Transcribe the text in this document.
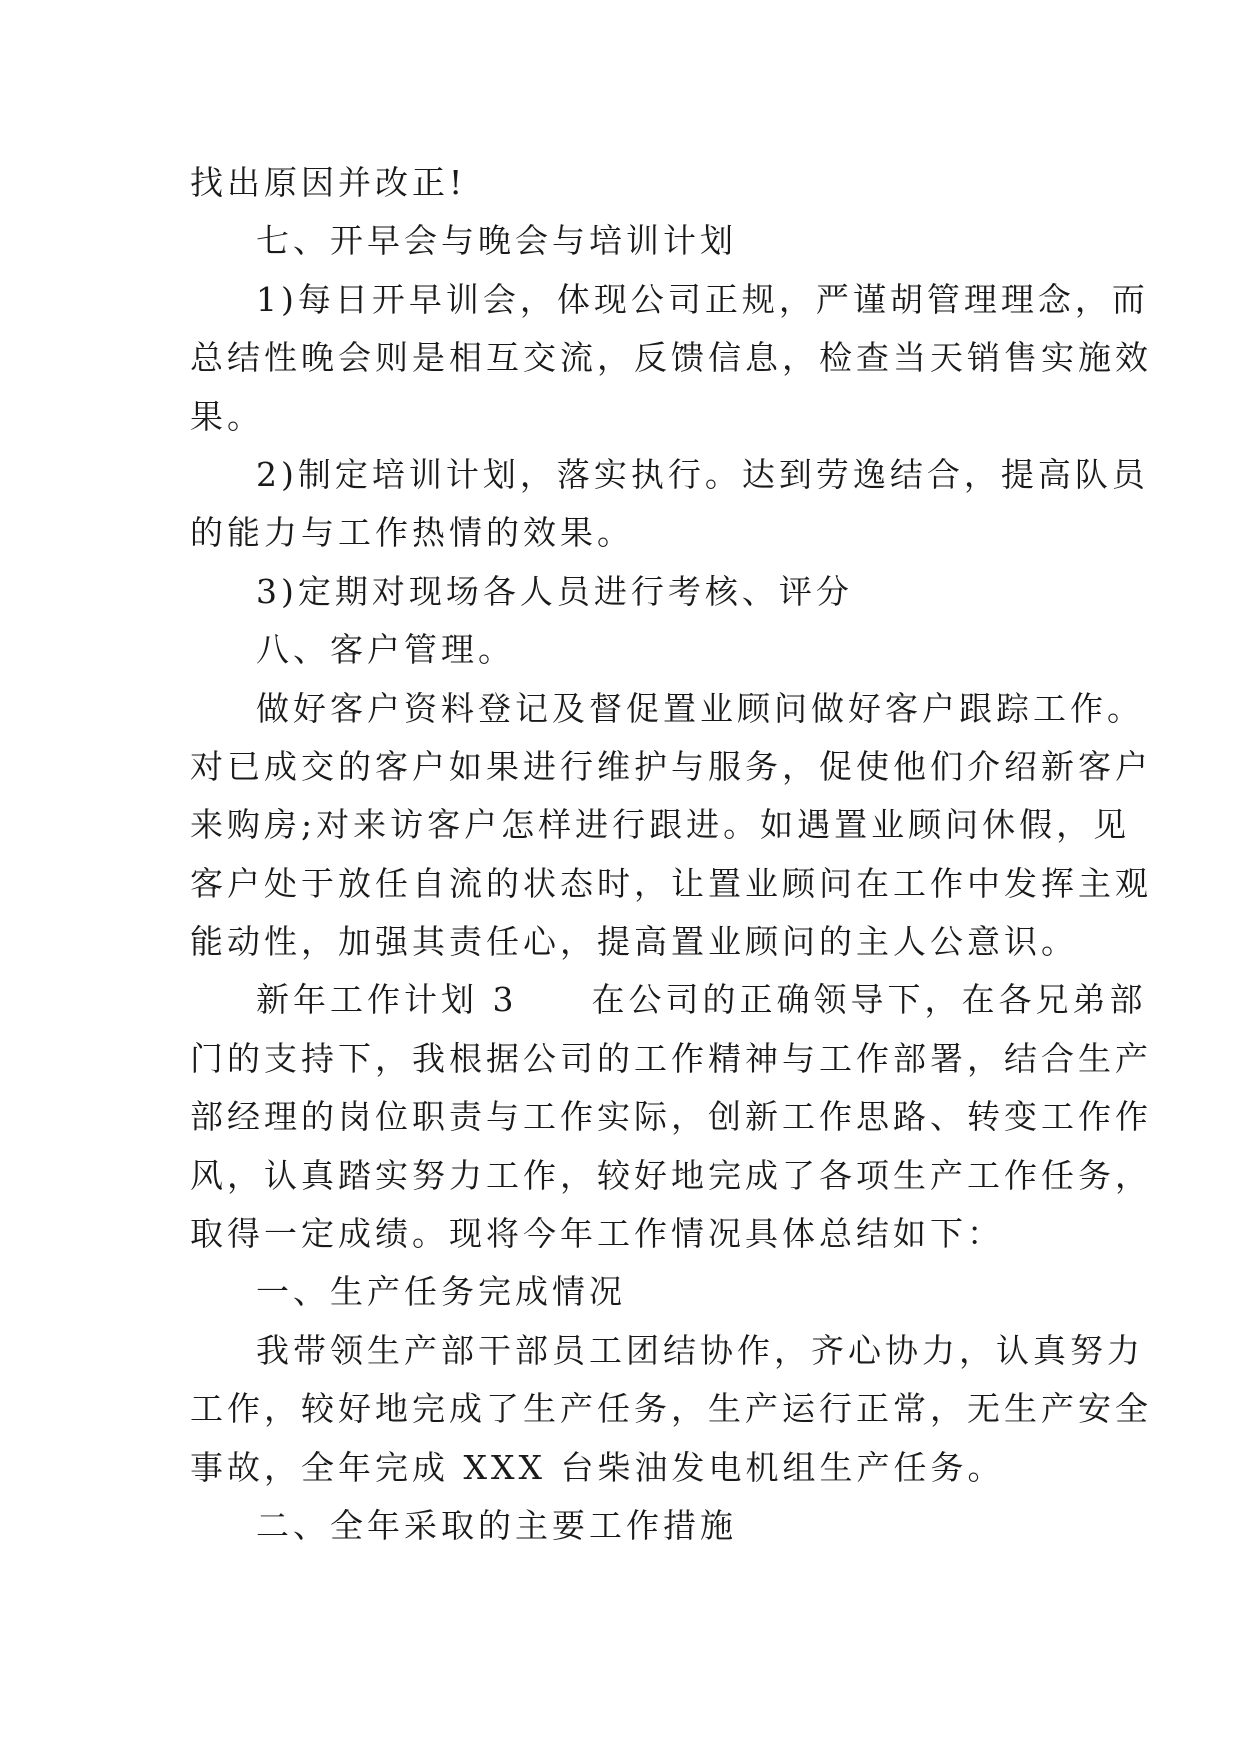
找出原因并改正!
七、开早会与晚会与培训计划
1)每日开早训会，体现公司正规，严谨胡管理理念，而
总结性晚会则是相互交流，反馈信息，检查当天销售实施效
果。
2)制定培训计划，落实执行。达到劳逸结合，提高队员
的能力与工作热情的效果。
3)定期对现场各人员进行考核、评分
八、客户管理。
做好客户资料登记及督促置业顾问做好客户跟踪工作。
对已成交的客户如果进行维护与服务，促使他们介绍新客户
来购房;对来访客户怎样进行跟进。如遇置业顾问休假，见
客户处于放任自流的状态时，让置业顾问在工作中发挥主观
能动性，加强其责任心，提高置业顾问的主人公意识。
新年工作计划 3　　在公司的正确领导下，在各兄弟部
门的支持下，我根据公司的工作精神与工作部署，结合生产
部经理的岗位职责与工作实际，创新工作思路、转变工作作
风，认真踏实努力工作，较好地完成了各项生产工作任务，
取得一定成绩。现将今年工作情况具体总结如下：
一、生产任务完成情况
我带领生产部干部员工团结协作，齐心协力，认真努力
工作，较好地完成了生产任务，生产运行正常，无生产安全
事故，全年完成 XXX 台柴油发电机组生产任务。
二、全年采取的主要工作措施
